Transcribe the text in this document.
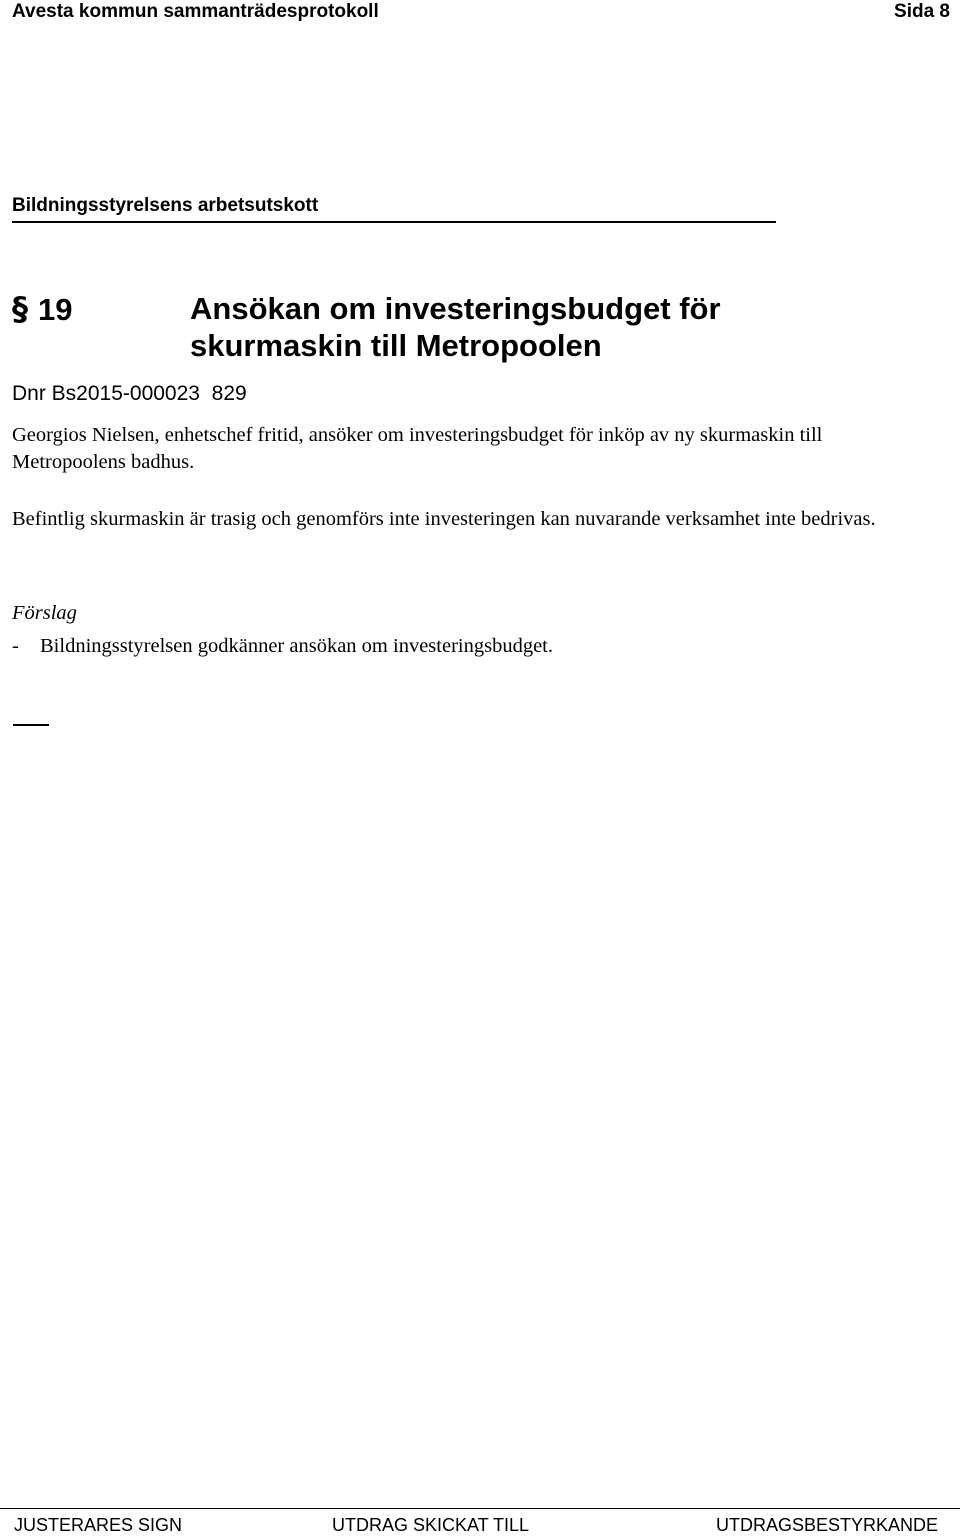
Avesta kommun sammanträdesprotokoll	Sida 8
Bildningsstyrelsens arbetsutskott
§ 19	Ansökan om investeringsbudget för skurmaskin till Metropoolen
Dnr Bs2015-000023  829
Georgios Nielsen, enhetschef fritid, ansöker om investeringsbudget för inköp av ny skurmaskin till Metropoolens badhus.
Befintlig skurmaskin är trasig och genomförs inte investeringen kan nuvarande verksamhet inte bedrivas.
Förslag
-	Bildningsstyrelsen godkänner ansökan om investeringsbudget.
JUSTERARES SIGN	UTDRAG SKICKAT TILL	UTDRAGSBESTYRKANDE
